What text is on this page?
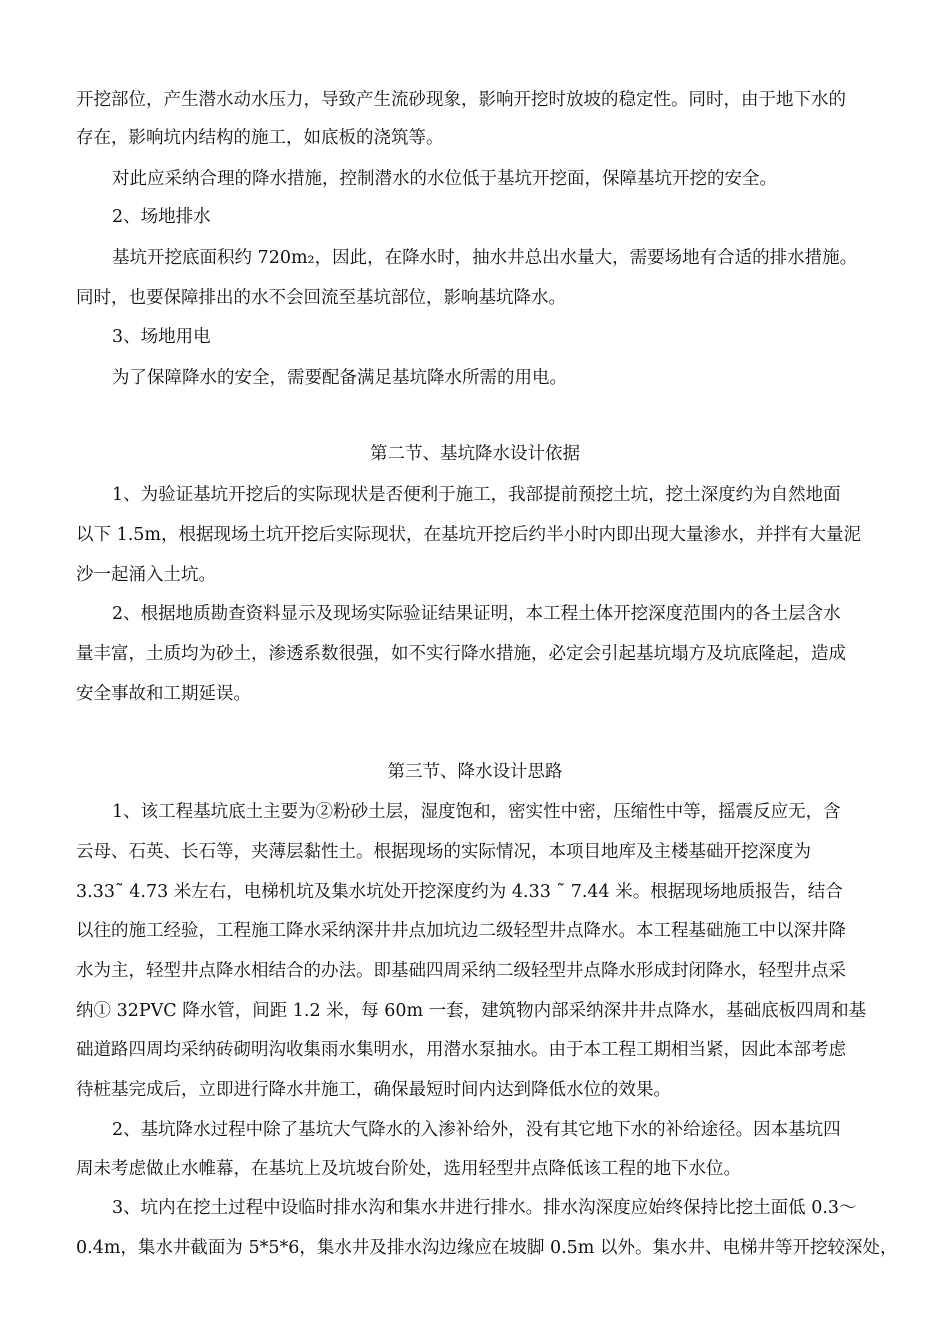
开挖部位，产生潜水动水压力，导致产生流砂现象，影响开挖时放坡的稳定性。同时，由于地下水的
存在，影响坑内结构的施工，如底板的浇筑等。
对此应采纳合理的降水措施，控制潜水的水位低于基坑开挖面，保障基坑开挖的安全。
2、场地排水
基坑开挖底面积约 720m₂，因此，在降水时，抽水井总出水量大，需要场地有合适的排水措施。
同时，也要保障排出的水不会回流至基坑部位，影响基坑降水。
3、场地用电
为了保障降水的安全，需要配备满足基坑降水所需的用电。
第二节、基坑降水设计依据
1、为验证基坑开挖后的实际现状是否便利于施工，我部提前预挖土坑，挖土深度约为自然地面
以下 1.5m，根据现场土坑开挖后实际现状，在基坑开挖后约半小时内即出现大量渗水，并拌有大量泥
沙一起涌入土坑。
2、根据地质勘查资料显示及现场实际验证结果证明，本工程土体开挖深度范围内的各土层含水
量丰富，土质均为砂土，渗透系数很强，如不实行降水措施，必定会引起基坑塌方及坑底隆起，造成
安全事故和工期延误。
第三节、降水设计思路
1、该工程基坑底土主要为②粉砂土层，湿度饱和，密实性中密，压缩性中等，摇震反应无，含
云母、石英、长石等，夹薄层黏性土。根据现场的实际情况，本项目地库及主楼基础开挖深度为
3.33˜ 4.73 米左右，电梯机坑及集水坑处开挖深度约为 4.33 ˜ 7.44 米。根据现场地质报告，结合
以往的施工经验，工程施工降水采纳深井井点加坑边二级轻型井点降水。本工程基础施工中以深井降
水为主，轻型井点降水相结合的办法。即基础四周采纳二级轻型井点降水形成封闭降水，轻型井点采
纳① 32PVC 降水管，间距 1.2 米，每 60m 一套，建筑物内部采纳深井井点降水，基础底板四周和基
础道路四周均采纳砖砌明沟收集雨水集明水，用潜水泵抽水。由于本工程工期相当紧，因此本部考虑
待桩基完成后，立即进行降水井施工，确保最短时间内达到降低水位的效果。
2、基坑降水过程中除了基坑大气降水的入渗补给外，没有其它地下水的补给途径。因本基坑四
周未考虑做止水帷幕，在基坑上及坑坡台阶处，选用轻型井点降低该工程的地下水位。
3、坑内在挖土过程中设临时排水沟和集水井进行排水。排水沟深度应始终保持比挖土面低 0.3～
0.4m，集水井截面为 5*5*6，集水井及排水沟边缘应在坡脚 0.5m 以外。集水井、电梯井等开挖较深处，
